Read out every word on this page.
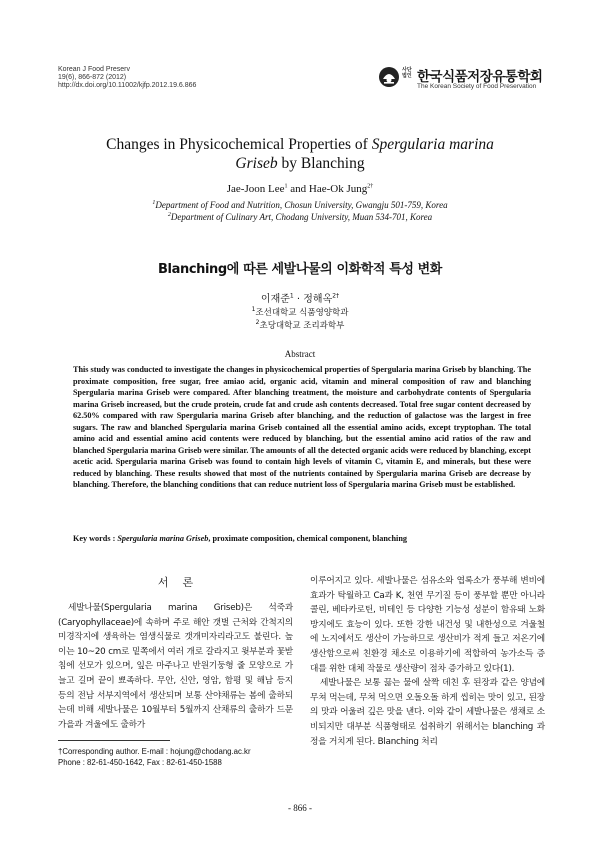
Korean J Food Preserv
19(6), 866-872 (2012)
http://dx.doi.org/10.11002/kjfp.2012.19.6.866
사단법인 한국식품저장유통학회
The Korean Society of Food Preservation
Changes in Physicochemical Properties of Spergularia marina
Griseb by Blanching
Jae-Joon Lee$^1$ and Hae-Ok Jung$^{2\dagger}$
$^1$Department of Food and Nutrition, Chosun University, Gwangju 501-759, Korea
$^2$Department of Culinary Art, Chodang University, Muan 534-701, Korea
Blanching에 따른 세발나물의 이화학적 특성 변화
이재준$^1$ · 정해옥$^{2\dagger}$
$^1$조선대학교 식품영양학과
$^2$초당대학교 조리과학부
Abstract
This study was conducted to investigate the changes in physicochemical properties of Spergularia marina Griseb by blanching. The proximate composition, free sugar, free amiao acid, organic acid, vitamin and mineral composition of raw and blanching Spergularia marina Griseb were compared. After blanching treatment, the moisture and carbohydrate contents of Spergularia marina Griseb increased, but the crude protein, crude fat and crude ash contents decreased. Total free sugar content decreased by 62.50% compared with raw Spergularia marina Griseb after blanching, and the reduction of galactose was the largest in free sugars. The raw and blanched Spergularia marina Griseb contained all the essential amino acids, except tryptophan. The total amino acid and essential amino acid contents were reduced by blanching, but the essential amino acid ratios of the raw and blanched Spergularia marina Griseb were similar. The amounts of all the detected organic acids were reduced by blanching, except acetic acid. Spergularia marina Griseb was found to contain high levels of vitamin C, vitamin E, and minerals, but these were reduced by blanching. These results showed that most of the nutrients contained by Spergularia marina Griseb are decrease by blanching. Therefore, the blanching conditions that can reduce nutrient loss of Spergularia marina Griseb must be established.
Key words : Spergularia marina Griseb, proximate composition, chemical component, blanching
서론

세발나물(Spergularia marina Griseb)은 석죽과(Caryophyllaceae)에 속하며 주로 해안 갯벌 근처와 간척지의 미경작지에 생육하는 염생식물로 갯개미자리라고도 불린다. 높이는 10~20 cm로 밑쪽에서 여러 개로 갈라지고 윗부분과 꽃받침에 선모가 있으며, 잎은 마주나고 반원기둥형 줄 모양으로 가늘고 길며 끝이 뾰족하다. 무안, 신안, 영암, 함평 및 해남 등지 등의 전남 서부지역에서 생산되며 보통 산야채류는 봄에 출하되는데 비해 세발나물은 10월부터 5월까지 산채류의 출하가 드문 가을과 겨울에도 출하가

이루어지고 있다. 세발나물은 섬유소와 엽록소가 풍부해 변비에 효과가 탁월하고 Ca과 K, 천연 무기질 등이 풍부할 뿐만 아니라 콜린, 베타카로틴, 비테인 등 다양한 기능성 성분이 함유돼 노화 방지에도 효능이 있다. 또한 강한 내건성 및 내한성으로 겨울철에 노지에서도 생산이 가능하므로 생산비가 적게 들고 저온기에 생산함으로써 친환경 채소로 이용하기에 적합하여 농가소득 증대를 위한 대체 작물로 생산량이 점차 증가하고 있다(1).

세발나물은 보통 끓는 물에 살짝 데친 후 된장과 같은 양념에 무쳐 먹는데, 무쳐 먹으면 오돌오돌 하게 씹히는 맛이 있고, 된장의 맛과 어울려 깊은 맛을 낸다. 이와 같이 세발나물은 생채로 소비되지만 대부분 식품형태로 섭취하기 위해서는 blanching 과정을 거치게 된다. Blanching 처리

†Corresponding author. E-mail : hojung@chodang.ac.kr
Phone : 82-61-450-1642, Fax : 82-61-450-1588
- 866 -
